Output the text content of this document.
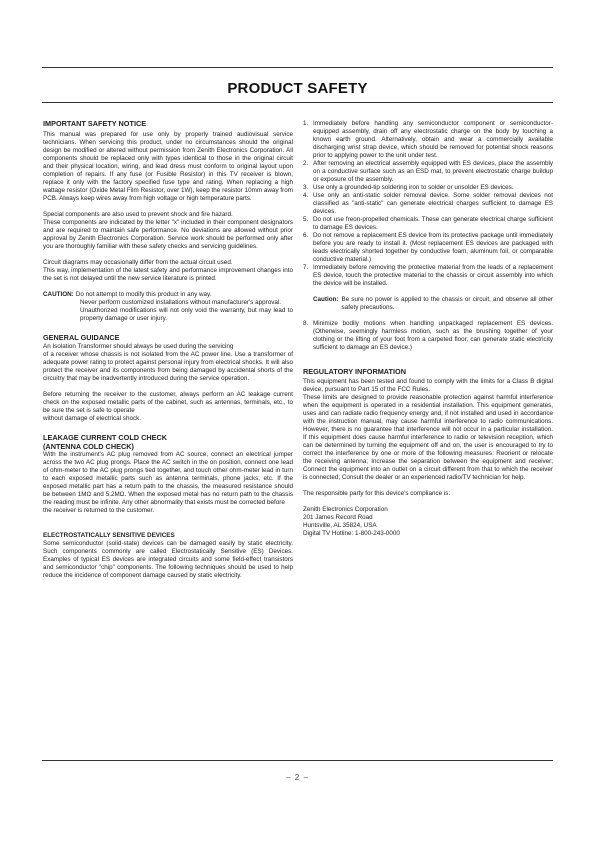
PRODUCT SAFETY

IMPORTANT SAFETY NOTICE

This manual was prepared for use only by properly trained audiovisual service technicians. When servicing this product, under no circumstances should the original design be modified or altered without permission from Zenith Electronics Corporation. All components should be replaced only with types identical to those in the original circuit and their physical location, wiring, and lead dress must conform to original layout upon completion of repairs. If any fuse (or Fusible Resistor) in this TV receiver is blown, replace it only with the factory specified fuse type and rating. When replacing a high wattage resistor (Oxide Metal Film Resistor, over 1W), keep the resistor 10mm away from PCB. Always keep wires away from high voltage or high temperature parts.

Special components are also used to prevent shock and fire hazard.

These components are indicated by the letter "x" included in their component designators and are required to maintain safe performance. No deviations are allowed without prior approval by Zenith Electronics Corporation. Service work should be performed only after you are thoroughly familiar with these safety checks and servicing guidelines.

Circuit diagrams may occasionally differ from the actual circuit used.

This way, implementation of the latest safety and performance improvement changes into the set is not delayed until the new service literature is printed.

CAUTION: Do not attempt to modify this product in any way.

Never perform customized installations without manufacturer's approval.

Unauthorized modifications will not only void the warranty, but may lead to property damage or user injury.

GENERAL GUIDANCE

An Isolation Transformer should always be used during the servicing

of a receiver whose chassis is not isolated from the AC power line. Use a transformer of adequate power rating to protect against personal injury from electrical shocks. It will also protect the receiver and its components from being damaged by accidental shorts of the circuitry that may be inadvertently introduced during the service operation.

Before returning the receiver to the customer, always perform an AC leakage current check on the exposed metallic parts of the cabinet, such as antennas, terminals, etc., to be sure the set is safe to operate

without damage of electrical shock.

LEAKAGE CURRENT COLD CHECK

(ANTENNA COLD CHECK)

With the instrument's AC plug removed from AC source, connect an electrical jumper across the two AC plug prongs. Place the AC switch in the on position, connect one lead of ohm-meter to the AC plug prongs tied together, and touch other ohm-meter lead in turn to each exposed metallic parts such as antenna terminals, phone jacks, etc. If the exposed metallic part has a return path to the chassis, the measured resistance should be between 1MΩ and 5.2MΩ. When the exposed metal has no return path to the chassis the reading must be infinite. Any other abnormality that exists must be corrected before

the receiver is returned to the customer.

ELECTROSTATICALLY SENSITIVE DEVICES

Some semiconductor (solid-state) devices can be damaged easily by static electricity. Such components commonly are called Electrostatically Sensitive (ES) Devices. Examples of typical ES devices are integrated circuits and some field-effect transistors and semiconductor "chip" components. The following techniques should be used to help reduce the incidence of component damage caused by static electricity.

1. Immediately before handling any semiconductor component or semiconductor-equipped assembly, drain off any electrostatic charge on the body by touching a known earth ground. Alternatively, obtain and wear a commercially available discharging wrist strap device, which should be removed for potential shock reasons prior to applying power to the unit under test.
2. After removing an electrical assembly equipped with ES devices, place the assembly on a conductive surface such as an ESD mat, to prevent electrostatic charge buildup or exposure of the assembly.
3. Use only a grounded-tip soldering iron to solder or unsolder ES devices.
4. Use only an anti-static solder removal device. Some solder removal devices not classified as "anti-static" can generate electrical charges sufficient to damage ES devices.
5. Do not use freon-propelled chemicals. These can generate electrical charge sufficient to damage ES devices.
6. Do not remove a replacement ES device from its protective package until immediately before you are ready to install it. (Most replacement ES devices are packaged with leads electrically shorted together by conductive foam, aluminum foil, or comparable conductive material.)
7. Immediately before removing the protective material from the leads of a replacement ES device, touch the protective material to the chassis or circuit assembly into which the device will be installed.
Caution: Be sure no power is applied to the chassis or circuit, and observe all other safety precautions.
8. Minimize bodily motions when handling unpackaged replacement ES devices. (Otherwise, seemingly harmless motion, such as the brushing together of your clothing or the lifting of your foot from a carpeted floor, can generate static electricity sufficient to damage an ES device.)

REGULATORY INFORMATION

This equipment has been tested and found to comply with the limits for a Class B digital device, pursuant to Part 15 of the FCC Rules.

These limits are designed to provide reasonable protection against harmful interference when the equipment is operated in a residential installation. This equipment generates, uses and can radiate radio frequency energy and, if not installed and used in accordance with the instruction manual, may cause harmful interference to radio communications. However, there is no guarantee that interference will not occur in a particular installation. If this equipment does cause harmful interference to radio or television reception, which can be determined by turning the equipment off and on, the user is encouraged to try to correct the interference by one or more of the following measures: Reorient or relocate the receiving antenna; Increase the separation between the equipment and receiver; Connect the equipment into an outlet on a circuit different from that to which the receiver is connected; Consult the dealer or an experienced radio/TV technician for help.

The responsible party for this device's compliance is:

Zenith Electronics Corporation

201 James Record Road

Huntsville, AL 35824, USA

Digital TV Hotline: 1-800-243-0000

– 2 –
